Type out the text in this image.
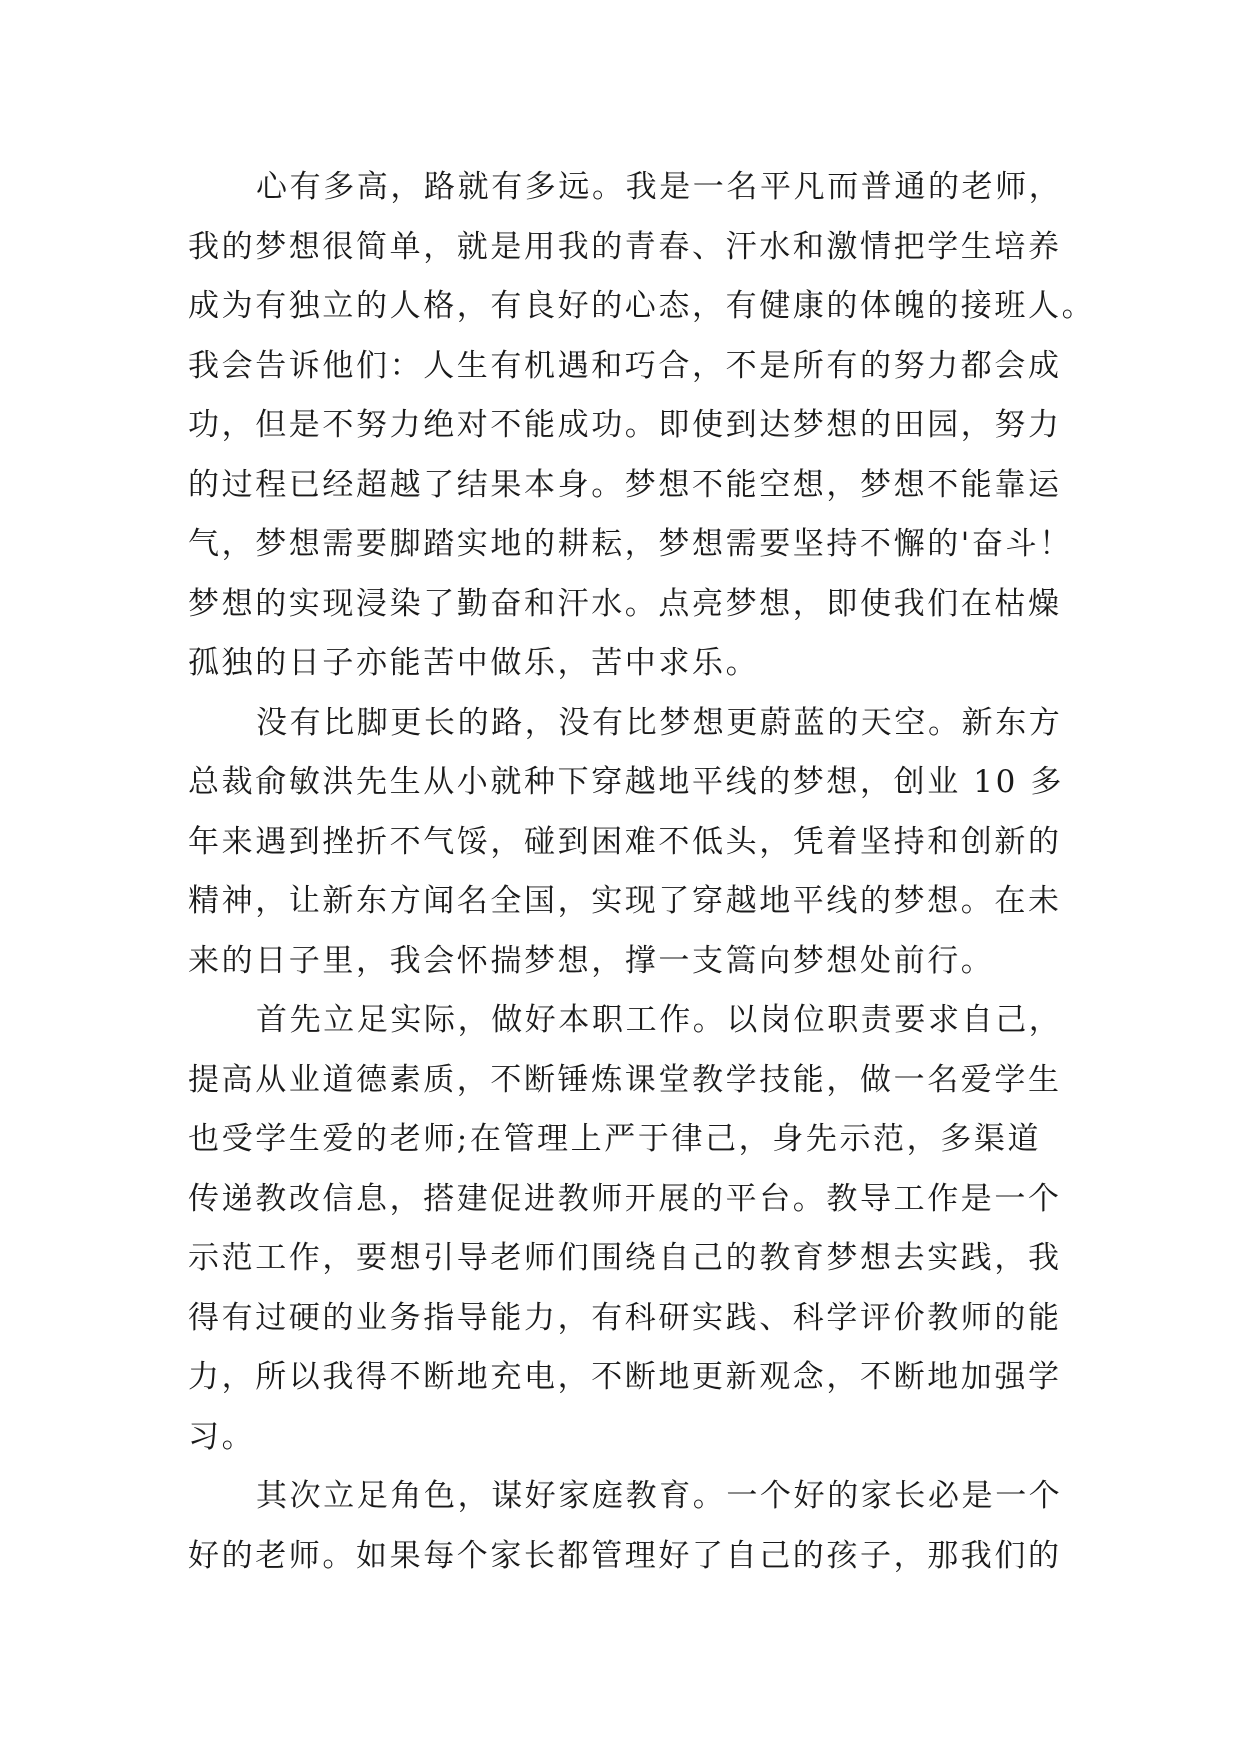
心有多高，路就有多远。我是一名平凡而普通的老师，
我的梦想很简单，就是用我的青春、汗水和激情把学生培养
成为有独立的人格，有良好的心态，有健康的体魄的接班人。
我会告诉他们：人生有机遇和巧合，不是所有的努力都会成
功，但是不努力绝对不能成功。即使到达梦想的田园，努力
的过程已经超越了结果本身。梦想不能空想，梦想不能靠运
气，梦想需要脚踏实地的耕耘，梦想需要坚持不懈的'奋斗！
梦想的实现浸染了勤奋和汗水。点亮梦想，即使我们在枯燥
孤独的日子亦能苦中做乐，苦中求乐。
没有比脚更长的路，没有比梦想更蔚蓝的天空。新东方
总裁俞敏洪先生从小就种下穿越地平线的梦想，创业 10 多
年来遇到挫折不气馁，碰到困难不低头，凭着坚持和创新的
精神，让新东方闻名全国，实现了穿越地平线的梦想。在未
来的日子里，我会怀揣梦想，撑一支篙向梦想处前行。
首先立足实际，做好本职工作。以岗位职责要求自己，
提高从业道德素质，不断锤炼课堂教学技能，做一名爱学生
也受学生爱的老师;在管理上严于律己，身先示范，多渠道
传递教改信息，搭建促进教师开展的平台。教导工作是一个
示范工作，要想引导老师们围绕自己的教育梦想去实践，我
得有过硬的业务指导能力，有科研实践、科学评价教师的能
力，所以我得不断地充电，不断地更新观念，不断地加强学
习。
其次立足角色，谋好家庭教育。一个好的家长必是一个
好的老师。如果每个家长都管理好了自己的孩子，那我们的
